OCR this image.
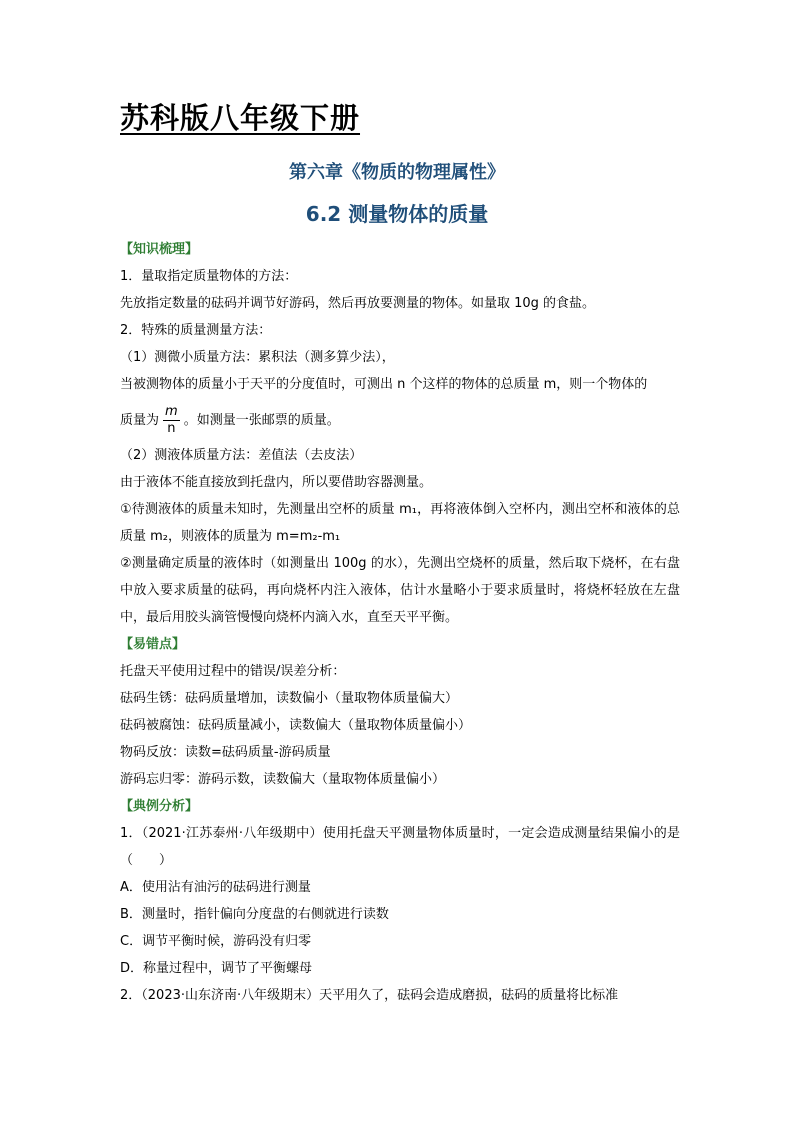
苏科版八年级下册
第六章《物质的物理属性》
6.2 测量物体的质量

【知识梳理】

1．量取指定质量物体的方法：

先放指定数量的砝码并调节好游码，然后再放要测量的物体。如量取 10g 的食盐。

2．特殊的质量测量方法：

（1）测微小质量方法：累积法（测多算少法），

当被测物体的质量小于天平的分度值时，可测出 n 个这样的物体的总质量 m，则一个物体的

质量为 $\frac{m}{n}$ 。如测量一张邮票的质量。

（2）测液体质量方法：差值法（去皮法）

由于液体不能直接放到托盘内，所以要借助容器测量。

①待测液体的质量未知时，先测量出空杯的质量 m₁，再将液体倒入空杯内，测出空杯和液体的总质量 m₂，则液体的质量为 m=m₂-m₁

②测量确定质量的液体时（如测量出 100g 的水），先测出空烧杯的质量，然后取下烧杯，在右盘中放入要求质量的砝码，再向烧杯内注入液体，估计水量略小于要求质量时，将烧杯轻放在左盘中，最后用胶头滴管慢慢向烧杯内滴入水，直至天平平衡。

【易错点】

托盘天平使用过程中的错误/误差分析：

砝码生锈：砝码质量增加，读数偏小（量取物体质量偏大）

砝码被腐蚀：砝码质量减小，读数偏大（量取物体质量偏小）

物码反放：读数=砝码质量-游码质量

游码忘归零：游码示数，读数偏大（量取物体质量偏小）

【典例分析】

1．（2021·江苏泰州·八年级期中）使用托盘天平测量物体质量时，一定会造成测量结果偏小的是（　　）

A．使用沾有油污的砝码进行测量

B．测量时，指针偏向分度盘的右侧就进行读数

C．调节平衡时候，游码没有归零

D．称量过程中，调节了平衡螺母

2．（2023·山东济南·八年级期末）天平用久了，砝码会造成磨损，砝码的质量将比标准
